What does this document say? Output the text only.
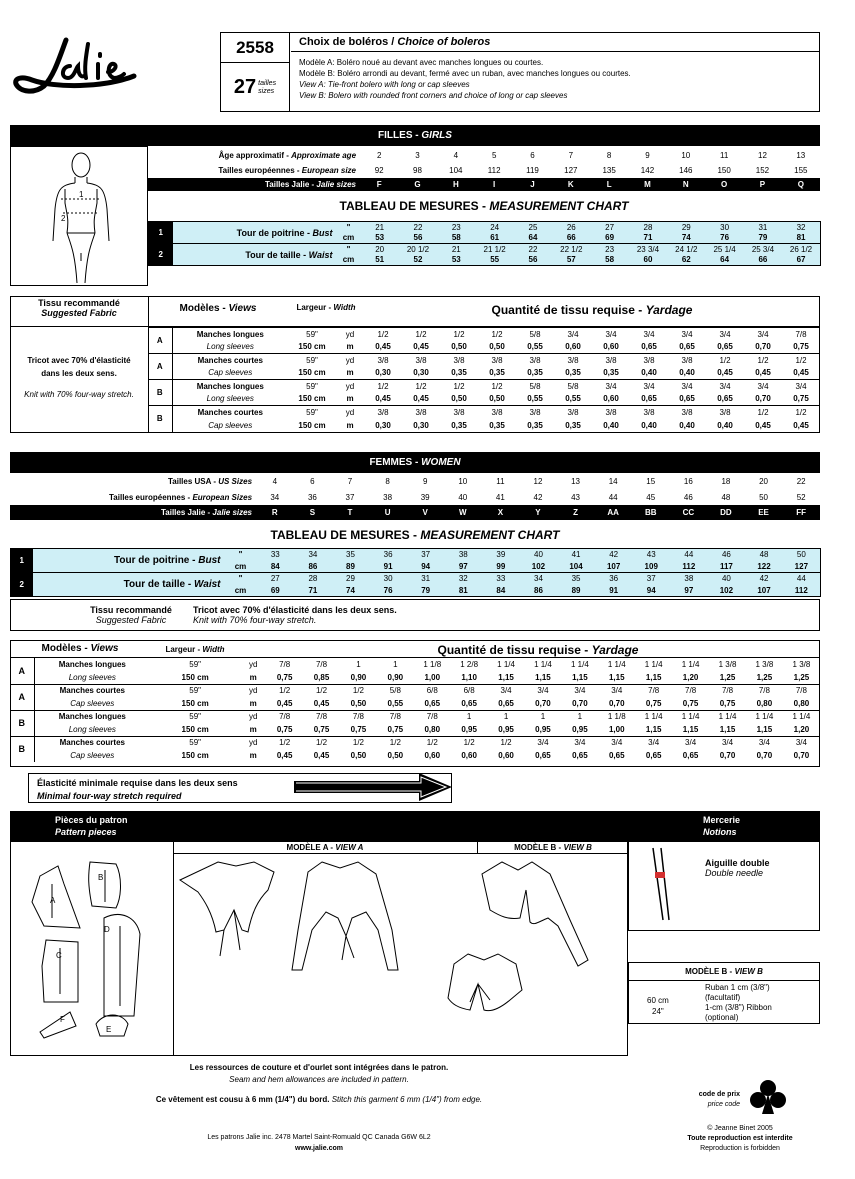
2558
27 tailles
sizes
Choix de boléros / Choice of boleros
Modèle A: Boléro noué au devant avec manches longues ou courtes.
Modèle B: Boléro arrondi au devant, fermé avec un ruban, avec manches longues ou courtes.
View A: Tie-front bolero with long or cap sleeves
View B: Bolero with rounded front corners and choice of long or cap sleeves
FILLES - GIRLS
1
2
Âge approximatif - Approximate age	2	3	4	5	6	7	8	9	10	11	12	13
Tailles européennes - European size	92	98	104	112	119	127	135	142	146	150	152	155
Tailles Jalie - Jalie sizes	F	G	H	I	J	K	L	M	N	O	P	Q
TABLEAU DE MESURES - MEASUREMENT CHART
1	Tour de poitrine - Bust	"	21	22	23	24	25	26	27	28	29	30	31	32
		cm	53	56	58	61	64	66	69	71	74	76	79	81
2	Tour de taille - Waist	"	20	20 1/2	21	21 1/2	22	22 1/2	23	23 3/4	24 1/2	25 1/4	25 3/4	26 1/2
		cm	51	52	53	55	56	57	58	60	62	64	66	67
Tissu recommandé
Suggested Fabric
Tricot avec 70% d'élasticité dans les deux sens.
Knit with 70% four-way stretch.
Modèles - Views	Largeur - Width	Quantité de tissu requise - Yardage
A	Manches longues	59"	yd	1/2	1/2	1/2	1/2	5/8	3/4	3/4	3/4	3/4	3/4	3/4	7/8
	Long sleeves	150 cm	m	0,45	0,45	0,50	0,50	0,55	0,60	0,60	0,65	0,65	0,65	0,70	0,75
A	Manches courtes	59"	yd	3/8	3/8	3/8	3/8	3/8	3/8	3/8	3/8	3/8	1/2	1/2	1/2
	Cap sleeves	150 cm	m	0,30	0,30	0,35	0,35	0,35	0,35	0,35	0,40	0,40	0,45	0,45	0,45
B	Manches longues	59"	yd	1/2	1/2	1/2	1/2	5/8	5/8	3/4	3/4	3/4	3/4	3/4	3/4
	Long sleeves	150 cm	m	0,45	0,45	0,50	0,50	0,55	0,55	0,60	0,65	0,65	0,65	0,70	0,75
B	Manches courtes	59"	yd	3/8	3/8	3/8	3/8	3/8	3/8	3/8	3/8	3/8	3/8	1/2	1/2
	Cap sleeves	150 cm	m	0,30	0,30	0,35	0,35	0,35	0,35	0,40	0,40	0,40	0,40	0,45	0,45
FEMMES - WOMEN
Tailles USA - US Sizes	4	6	7	8	9	10	11	12	13	14	15	16	18	20	22
Tailles européennes - European Sizes	34	36	37	38	39	40	41	42	43	44	45	46	48	50	52
Tailles Jalie - Jalie sizes	R	S	T	U	V	W	X	Y	Z	AA	BB	CC	DD	EE	FF
TABLEAU DE MESURES - MEASUREMENT CHART
1	Tour de poitrine - Bust	"	33	34	35	36	37	38	39	40	41	42	43	44	46	48	50
		cm	84	86	89	91	94	97	99	102	104	107	109	112	117	122	127
2	Tour de taille - Waist	"	27	28	29	30	31	32	33	34	35	36	37	38	40	42	44
		cm	69	71	74	76	79	81	84	86	89	91	94	97	102	107	112
Tissu recommandé
Suggested Fabric
Tricot avec 70% d'élasticité dans les deux sens.
Knit with 70% four-way stretch.
Modèles - Views	Largeur - Width	Quantité de tissu requise - Yardage
A	Manches longues	59"	yd	7/8	7/8	1	1	1 1/8	1 2/8	1 1/4	1 1/4	1 1/4	1 1/4	1 1/4	1 1/4	1 3/8	1 3/8	1 3/8
	Long sleeves	150 cm	m	0,75	0,85	0,90	0,90	1,00	1,10	1,15	1,15	1,15	1,15	1,15	1,20	1,25	1,25	1,25
A	Manches courtes	59"	yd	1/2	1/2	1/2	5/8	6/8	6/8	3/4	3/4	3/4	3/4	7/8	7/8	7/8	7/8	7/8
	Cap sleeves	150 cm	m	0,45	0,45	0,50	0,55	0,65	0,65	0,65	0,70	0,70	0,70	0,75	0,75	0,75	0,80	0,80
B	Manches longues	59"	yd	7/8	7/8	7/8	7/8	7/8	1	1	1	1	1 1/8	1 1/4	1 1/4	1 1/4	1 1/4	1 1/4
	Long sleeves	150 cm	m	0,75	0,75	0,75	0,75	0,80	0,95	0,95	0,95	0,95	1,00	1,15	1,15	1,15	1,15	1,20
B	Manches courtes	59"	yd	1/2	1/2	1/2	1/2	1/2	1/2	1/2	3/4	3/4	3/4	3/4	3/4	3/4	3/4	3/4
	Cap sleeves	150 cm	m	0,45	0,45	0,50	0,50	0,60	0,60	0,60	0,65	0,65	0,65	0,65	0,65	0,70	0,70	0,70
Élasticité minimale requise dans les deux sens
Minimal four-way stretch required
Pièces du patron
Pattern pieces
Mercerie
Notions
MODÈLE A - VIEW A	MODÈLE B - VIEW B
A
B
C
D
E
F
Aiguille double
Double needle
MODÈLE B - VIEW B
60 cm
24"
Ruban 1 cm (3/8")
(facultatif)
1-cm (3/8") Ribbon
(optional)
Les ressources de couture et d'ourlet sont intégrées dans le patron.
Seam and hem allowances are included in pattern.
Ce vêtement est cousu à 6 mm (1/4") du bord. Stitch this garment 6 mm (1/4") from edge.
code de prix
price code
Les patrons Jalie inc. 2478 Martel Saint-Romuald QC Canada G6W 6L2
www.jalie.com
© Jeanne Binet 2005
Toute reproduction est interdite
Reproduction is forbidden
